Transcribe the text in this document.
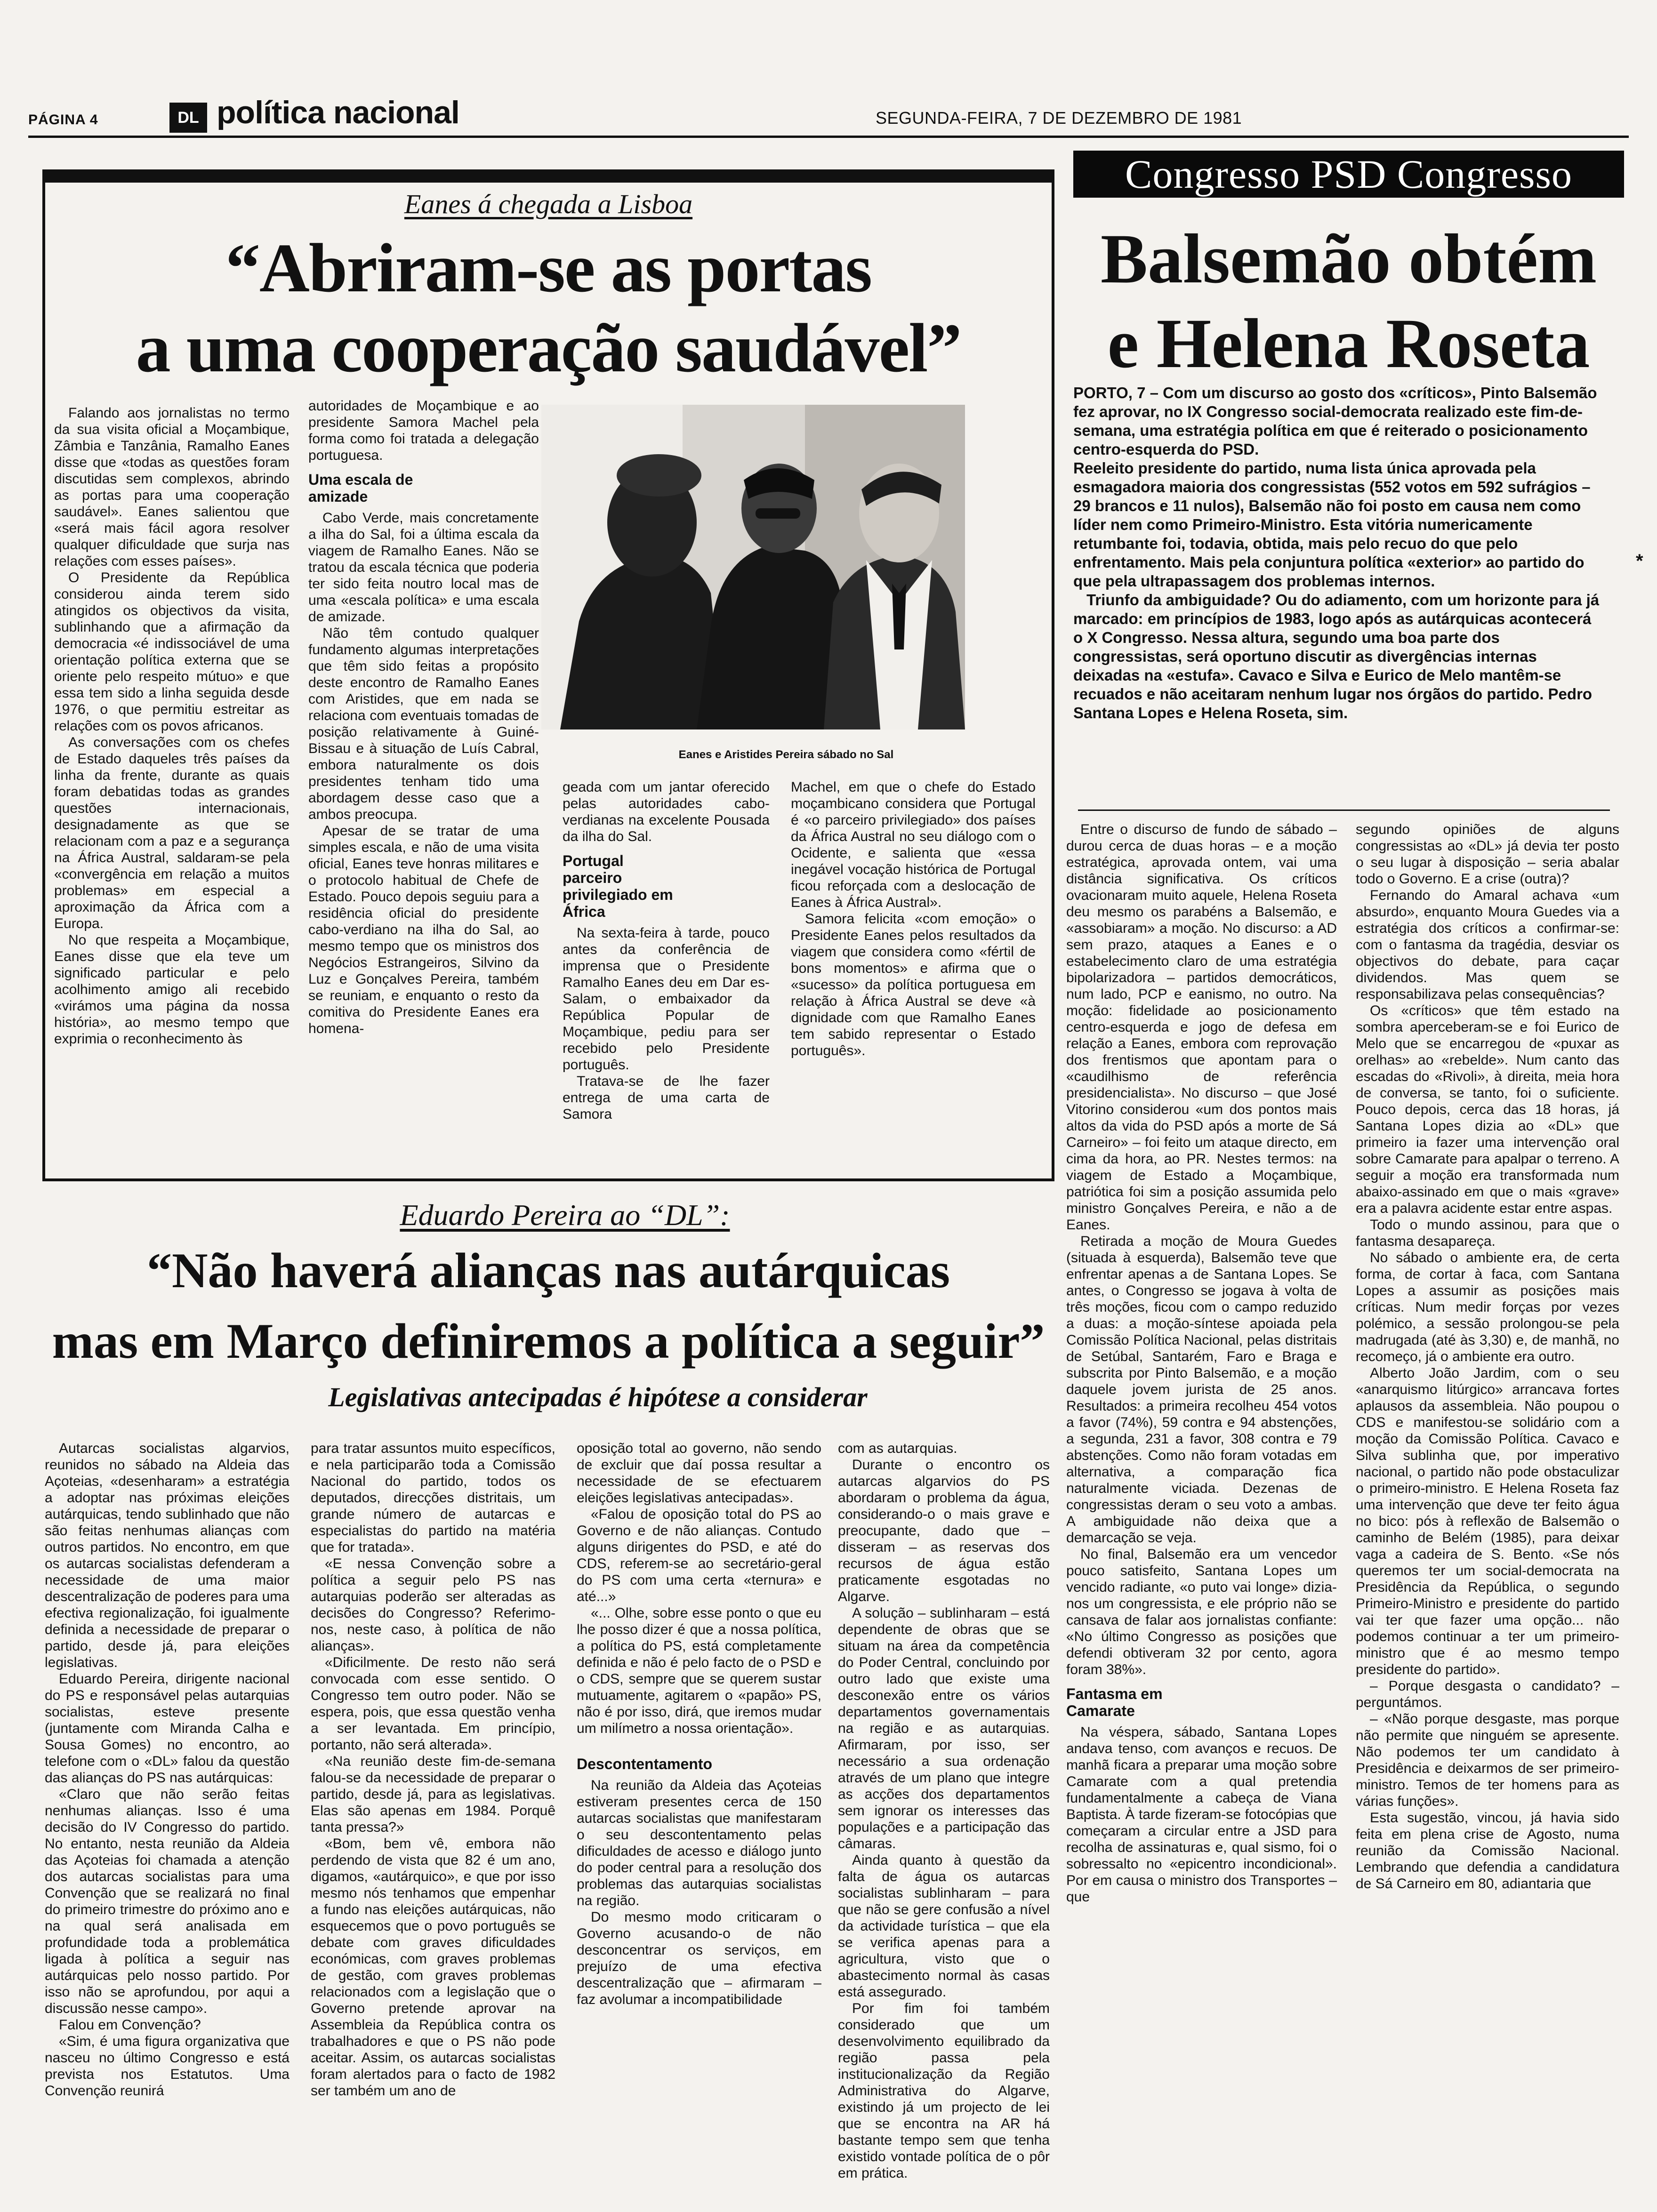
PÁGINA 4	DL política nacional	SEGUNDA-FEIRA, 7 DE DEZEMBRO DE 1981
Eanes á chegada a Lisboa
“Abriram-se as portas
a uma cooperação saudável”

Falando aos jornalistas no termo da sua visita oficial a Moçambique, Zâmbia e Tanzânia, Ramalho Eanes disse que «todas as questões foram discutidas sem complexos, abrindo as portas para uma cooperação saudável». Eanes salientou que «será mais fácil agora resolver qualquer dificuldade que surja nas relações com esses países».

O Presidente da República considerou ainda terem sido atingidos os objectivos da visita, sublinhando que a afirmação da democracia «é indissociável de uma orientação política externa que se oriente pelo respeito mútuo» e que essa tem sido a linha seguida desde 1976, o que permitiu estreitar as relações com os povos africanos.

As conversações com os chefes de Estado daqueles três países da linha da frente, durante as quais foram debatidas todas as grandes questões internacionais, designadamente as que se relacionam com a paz e a segurança na África Austral, saldaram-se pela «convergência em relação a muitos problemas» em especial a aproximação da África com a Europa.

No que respeita a Moçambique, Eanes disse que ela teve um significado particular e pelo acolhimento amigo ali recebido «virámos uma página da nossa história», ao mesmo tempo que exprimia o reconhecimento às

autoridades de Moçambique e ao presidente Samora Machel pela forma como foi tratada a delegação portuguesa.

Uma escala de amizade

Cabo Verde, mais concretamente a ilha do Sal, foi a última escala da viagem de Ramalho Eanes. Não se tratou da escala técnica que poderia ter sido feita noutro local mas de uma «escala política» e uma escala de amizade.

Não têm contudo qualquer fundamento algumas interpretações que têm sido feitas a propósito deste encontro de Ramalho Eanes com Aristides, que em nada se relaciona com eventuais tomadas de posição relativamente à Guiné-Bissau e à situação de Luís Cabral, embora naturalmente os dois presidentes tenham tido uma abordagem desse caso que a ambos preocupa.

Apesar de se tratar de uma simples escala, e não de uma visita oficial, Eanes teve honras militares e o protocolo habitual de Chefe de Estado. Pouco depois seguiu para a residência oficial do presidente cabo-verdiano na ilha do Sal, ao mesmo tempo que os ministros dos Negócios Estrangeiros, Silvino da Luz e Gonçalves Pereira, também se reuniam, e enquanto o resto da comitiva do Presidente Eanes era homena-

Eanes e Aristides Pereira sábado no Sal

geada com um jantar oferecido pelas autoridades cabo-verdianas na excelente Pousada da ilha do Sal.

Portugal parceiro privilegiado em África

Na sexta-feira à tarde, pouco antes da conferência de imprensa que o Presidente Ramalho Eanes deu em Dar es-Salam, o embaixador da República Popular de Moçambique, pediu para ser recebido pelo Presidente português.

Tratava-se de lhe fazer entrega de uma carta de Samora

Machel, em que o chefe do Estado moçambicano considera que Portugal é «o parceiro privilegiado» dos países da África Austral no seu diálogo com o Ocidente, e salienta que «essa inegável vocação histórica de Portugal ficou reforçada com a deslocação de Eanes à África Austral».

Samora felicita «com emoção» o Presidente Eanes pelos resultados da viagem que considera como «fértil de bons momentos» e afirma que o «sucesso» da política portuguesa em relação à África Austral se deve «à dignidade com que Ramalho Eanes tem sabido representar o Estado português».

Congresso PSD Congresso
Balsemão obtém
e Helena Roseta

PORTO, 7 – Com um discurso ao gosto dos «críticos», Pinto Balsemão fez aprovar, no IX Congresso social-democrata realizado este fim-de-semana, uma estratégia política em que é reiterado o posicionamento centro-esquerda do PSD.

Reeleito presidente do partido, numa lista única aprovada pela esmagadora maioria dos congressistas (552 votos em 592 sufrágios – 29 brancos e 11 nulos), Balsemão não foi posto em causa nem como líder nem como Primeiro-Ministro. Esta vitória numericamente retumbante foi, todavia, obtida, mais pelo recuo do que pelo enfrentamento. Mais pela conjuntura política «exterior» ao partido do que pela ultrapassagem dos problemas internos.

Triunfo da ambiguidade? Ou do adiamento, com um horizonte para já marcado: em princípios de 1983, logo após as autárquicas acontecerá o X Congresso. Nessa altura, segundo uma boa parte dos congressistas, será oportuno discutir as divergências internas deixadas na «estufa». Cavaco e Silva e Eurico de Melo mantêm-se recuados e não aceitaram nenhum lugar nos órgãos do partido. Pedro Santana Lopes e Helena Roseta, sim.

Entre o discurso de fundo de sábado – durou cerca de duas horas – e a moção estratégica, aprovada ontem, vai uma distância significativa. Os críticos ovacionaram muito aquele, Helena Roseta deu mesmo os parabéns a Balsemão, e «assobiaram» a moção. No discurso: a AD sem prazo, ataques a Eanes e o estabelecimento claro de uma estratégia bipolarizadora – partidos democráticos, num lado, PCP e eanismo, no outro. Na moção: fidelidade ao posicionamento centro-esquerda e jogo de defesa em relação a Eanes, embora com reprovação dos frentismos que apontam para o «caudilhismo de referência presidencialista». No discurso – que José Vitorino considerou «um dos pontos mais altos da vida do PSD após a morte de Sá Carneiro» – foi feito um ataque directo, em cima da hora, ao PR. Nestes termos: na viagem de Estado a Moçambique, patriótica foi sim a posição assumida pelo ministro Gonçalves Pereira, e não a de Eanes.

Retirada a moção de Moura Guedes (situada à esquerda), Balsemão teve que enfrentar apenas a de Santana Lopes. Se antes, o Congresso se jogava à volta de três moções, ficou com o campo reduzido a duas: a moção-síntese apoiada pela Comissão Política Nacional, pelas distritais de Setúbal, Santarém, Faro e Braga e subscrita por Pinto Balsemão, e a moção daquele jovem jurista de 25 anos. Resultados: a primeira recolheu 454 votos a favor (74%), 59 contra e 94 abstenções, a segunda, 231 a favor, 308 contra e 79 abstenções. Como não foram votadas em alternativa, a comparação fica naturalmente viciada. Dezenas de congressistas deram o seu voto a ambas. A ambiguidade não deixa que a demarcação se veja.

No final, Balsemão era um vencedor pouco satisfeito, Santana Lopes um vencido radiante, «o puto vai longe» dizia-nos um congressista, e ele próprio não se cansava de falar aos jornalistas confiante: «No último Congresso as posições que defendi obtiveram 32 por cento, agora foram 38%».

Fantasma em Camarate

Na véspera, sábado, Santana Lopes andava tenso, com avanços e recuos. De manhã ficara a preparar uma moção sobre Camarate com a qual pretendia fundamentalmente a cabeça de Viana Baptista. À tarde fizeram-se fotocópias que começaram a circular entre a JSD para recolha de assinaturas e, qual sismo, foi o sobressalto no «epicentro incondicional». Por em causa o ministro dos Transportes – que

segundo opiniões de alguns congressistas ao «DL» já devia ter posto o seu lugar à disposição – seria abalar todo o Governo. E a crise (outra)?

Fernando do Amaral achava «um absurdo», enquanto Moura Guedes via a estratégia dos críticos a confirmar-se: com o fantasma da tragédia, desviar os objectivos do debate, para caçar dividendos. Mas quem se responsabilizava pelas consequências?

Os «críticos» que têm estado na sombra aperceberam-se e foi Eurico de Melo que se encarregou de «puxar as orelhas» ao «rebelde». Num canto das escadas do «Rivoli», à direita, meia hora de conversa, se tanto, foi o suficiente. Pouco depois, cerca das 18 horas, já Santana Lopes dizia ao «DL» que primeiro ia fazer uma intervenção oral sobre Camarate para apalpar o terreno. A seguir a moção era transformada num abaixo-assinado em que o mais «grave» era a palavra acidente estar entre aspas.

Todo o mundo assinou, para que o fantasma desapareça.

No sábado o ambiente era, de certa forma, de cortar à faca, com Santana Lopes a assumir as posições mais críticas. Num medir forças por vezes polémico, a sessão prolongou-se pela madrugada (até às 3,30) e, de manhã, no recomeço, já o ambiente era outro.

Alberto João Jardim, com o seu «anarquismo litúrgico» arrancava fortes aplausos da assembleia. Não poupou o CDS e manifestou-se solidário com a moção da Comissão Política. Cavaco e Silva sublinha que, por imperativo nacional, o partido não pode obstaculizar o primeiro-ministro. E Helena Roseta faz uma intervenção que deve ter feito água no bico: pós à reflexão de Balsemão o caminho de Belém (1985), para deixar vaga a cadeira de S. Bento. «Se nós queremos ter um social-democrata na Presidência da República, o segundo Primeiro-Ministro e presidente do partido vai ter que fazer uma opção... não podemos continuar a ter um primeiro-ministro que é ao mesmo tempo presidente do partido».

– Porque desgasta o candidato? – perguntámos.

– «Não porque desgaste, mas porque não permite que ninguém se apresente. Não podemos ter um candidato à Presidência e deixarmos de ser primeiro-ministro. Temos de ter homens para as várias funções».

Esta sugestão, vincou, já havia sido feita em plena crise de Agosto, numa reunião da Comissão Nacional. Lembrando que defendia a candidatura de Sá Carneiro em 80, adiantaria que

*
Eduardo Pereira ao “DL”:
“Não haverá alianças nas autárquicas
mas em Março definiremos a política a seguir”
Legislativas antecipadas é hipótese a considerar

Autarcas socialistas algarvios, reunidos no sábado na Aldeia das Açoteias, «desenharam» a estratégia a adoptar nas próximas eleições autárquicas, tendo sublinhado que não são feitas nenhumas alianças com outros partidos. No encontro, em que os autarcas socialistas defenderam a necessidade de uma maior descentralização de poderes para uma efectiva regionalização, foi igualmente definida a necessidade de preparar o partido, desde já, para eleições legislativas.

Eduardo Pereira, dirigente nacional do PS e responsável pelas autarquias socialistas, esteve presente (juntamente com Miranda Calha e Sousa Gomes) no encontro, ao telefone com o «DL» falou da questão das alianças do PS nas autárquicas:

«Claro que não serão feitas nenhumas alianças. Isso é uma decisão do IV Congresso do partido. No entanto, nesta reunião da Aldeia das Açoteias foi chamada a atenção dos autarcas socialistas para uma Convenção que se realizará no final do primeiro trimestre do próximo ano e na qual será analisada em profundidade toda a problemática ligada à política a seguir nas autárquicas pelo nosso partido. Por isso não se aprofundou, por aqui a discussão nesse campo».

Falou em Convenção?

«Sim, é uma figura organizativa que nasceu no último Congresso e está prevista nos Estatutos. Uma Convenção reunirá

para tratar assuntos muito específicos, e nela participarão toda a Comissão Nacional do partido, todos os deputados, direcções distritais, um grande número de autarcas e especialistas do partido na matéria que for tratada».

«E nessa Convenção sobre a política a seguir pelo PS nas autarquias poderão ser alteradas as decisões do Congresso? Referimo-nos, neste caso, à política de não alianças».

«Dificilmente. De resto não será convocada com esse sentido. O Congresso tem outro poder. Não se espera, pois, que essa questão venha a ser levantada. Em princípio, portanto, não será alterada».

«Na reunião deste fim-de-semana falou-se da necessidade de preparar o partido, desde já, para as legislativas. Elas são apenas em 1984. Porquê tanta pressa?»

«Bom, bem vê, embora não perdendo de vista que 82 é um ano, digamos, «autárquico», e que por isso mesmo nós tenhamos que empenhar a fundo nas eleições autárquicas, não esquecemos que o povo português se debate com graves dificuldades económicas, com graves problemas de gestão, com graves problemas relacionados com a legislação que o Governo pretende aprovar na Assembleia da República contra os trabalhadores e que o PS não pode aceitar. Assim, os autarcas socialistas foram alertados para o facto de 1982 ser também um ano de

oposição total ao governo, não sendo de excluir que daí possa resultar a necessidade de se efectuarem eleições legislativas antecipadas».

«Falou de oposição total do PS ao Governo e de não alianças. Contudo alguns dirigentes do PSD, e até do CDS, referem-se ao secretário-geral do PS com uma certa «ternura» e até...»

«... Olhe, sobre esse ponto o que eu lhe posso dizer é que a nossa política, a política do PS, está completamente definida e não é pelo facto de o PSD e o CDS, sempre que se querem sustar mutuamente, agitarem o «papão» PS, não é por isso, dirá, que iremos mudar um milímetro a nossa orientação».

Descontentamento

Na reunião da Aldeia das Açoteias estiveram presentes cerca de 150 autarcas socialistas que manifestaram o seu descontentamento pelas dificuldades de acesso e diálogo junto do poder central para a resolução dos problemas das autarquias socialistas na região.

Do mesmo modo criticaram o Governo acusando-o de não desconcentrar os serviços, em prejuízo de uma efectiva descentralização que – afirmaram – faz avolumar a incompatibilidade

com as autarquias.

Durante o encontro os autarcas algarvios do PS abordaram o problema da água, considerando-o o mais grave e preocupante, dado que – disseram – as reservas dos recursos de água estão praticamente esgotadas no Algarve.

A solução – sublinharam – está dependente de obras que se situam na área da competência do Poder Central, concluindo por outro lado que existe uma desconexão entre os vários departamentos governamentais na região e as autarquias. Afirmaram, por isso, ser necessário a sua ordenação através de um plano que integre as acções dos departamentos sem ignorar os interesses das populações e a participação das câmaras.

Ainda quanto à questão da falta de água os autarcas socialistas sublinharam – para que não se gere confusão a nível da actividade turística – que ela se verifica apenas para a agricultura, visto que o abastecimento normal às casas está assegurado.

Por fim foi também considerado que um desenvolvimento equilibrado da região passa pela institucionalização da Região Administrativa do Algarve, existindo já um projecto de lei que se encontra na AR há bastante tempo sem que tenha existido vontade política de o pôr em prática.
